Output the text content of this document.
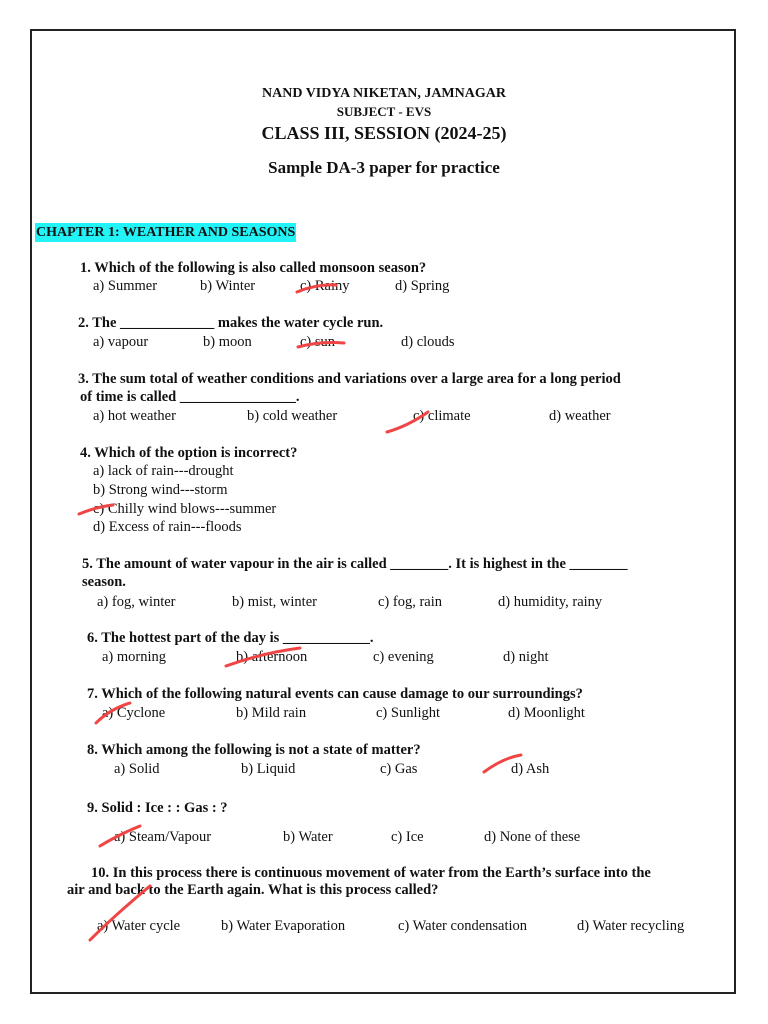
NAND VIDYA NIKETAN, JAMNAGAR
SUBJECT - EVS
CLASS III, SESSION (2024-25)
Sample DA-3 paper for practice
CHAPTER 1: WEATHER AND SEASONS
1. Which of the following is also called monsoon season?
a) Summer	b) Winter	c) Rainy	d) Spring
2. The _____________ makes the water cycle run.
a) vapour	b) moon	c) sun	d) clouds
3. The sum total of weather conditions and variations over a large area for a long period
of time is called ________________.
a) hot weather	b) cold weather	c) climate	d) weather
4. Which of the option is incorrect?
a) lack of rain---drought
b) Strong wind---storm
c) Chilly wind blows---summer
d) Excess of rain---floods
5. The amount of water vapour in the air is called ________. It is highest in the ________
season.
a) fog, winter	b) mist, winter	c) fog, rain	d) humidity, rainy
6. The hottest part of the day is ____________.
a) morning	b) afternoon	c) evening	d) night
7. Which of the following natural events can cause damage to our surroundings?
a) Cyclone	b) Mild rain	c) Sunlight	d) Moonlight
8. Which among the following is not a state of matter?
a) Solid	b) Liquid	c) Gas	d) Ash
9. Solid : Ice : : Gas : ?
a) Steam/Vapour	b) Water	c) Ice	d) None of these
10. In this process there is continuous movement of water from the Earth’s surface into the
air and back to the Earth again. What is this process called?
a) Water cycle	b) Water Evaporation	c) Water condensation	d) Water recycling
